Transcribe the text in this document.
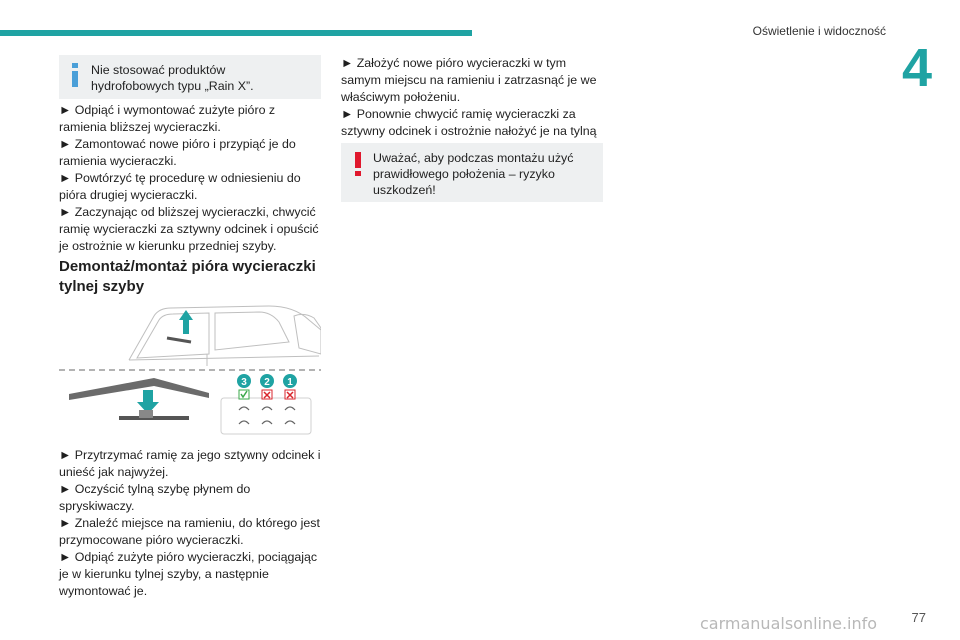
Oświetlenie i widoczność
4
Nie stosować produktów hydrofobowych typu „Rain X”.

► Odpiąć i wymontować zużyte pióro z ramienia bliższej wycieraczki.

► Zamontować nowe pióro i przypiąć je do ramienia wycieraczki.

► Powtórzyć tę procedurę w odniesieniu do pióra drugiej wycieraczki.

► Zaczynając od bliższej wycieraczki, chwycić ramię wycieraczki za sztywny odcinek i opuścić je ostrożnie w kierunku przedniej szyby.

Demontaż/montaż pióra wycieraczki tylnej szyby
3 2 1

► Przytrzymać ramię za jego sztywny odcinek i unieść jak najwyżej.

► Oczyścić tylną szybę płynem do spryskiwaczy.

► Znaleźć miejsce na ramieniu, do którego jest przymocowane pióro wycieraczki.

► Odpiąć zużyte pióro wycieraczki, pociągając je w kierunku tylnej szyby, a następnie wymontować je.

► Założyć nowe pióro wycieraczki w tym samym miejscu na ramieniu i zatrzasnąć je we właściwym położeniu.

► Ponownie chwycić ramię wycieraczki za sztywny odcinek i ostrożnie nałożyć je na tylną

Uważać, aby podczas montażu użyć prawidłowego położenia – ryzyko uszkodzeń!
77
carmanualsonline.info
